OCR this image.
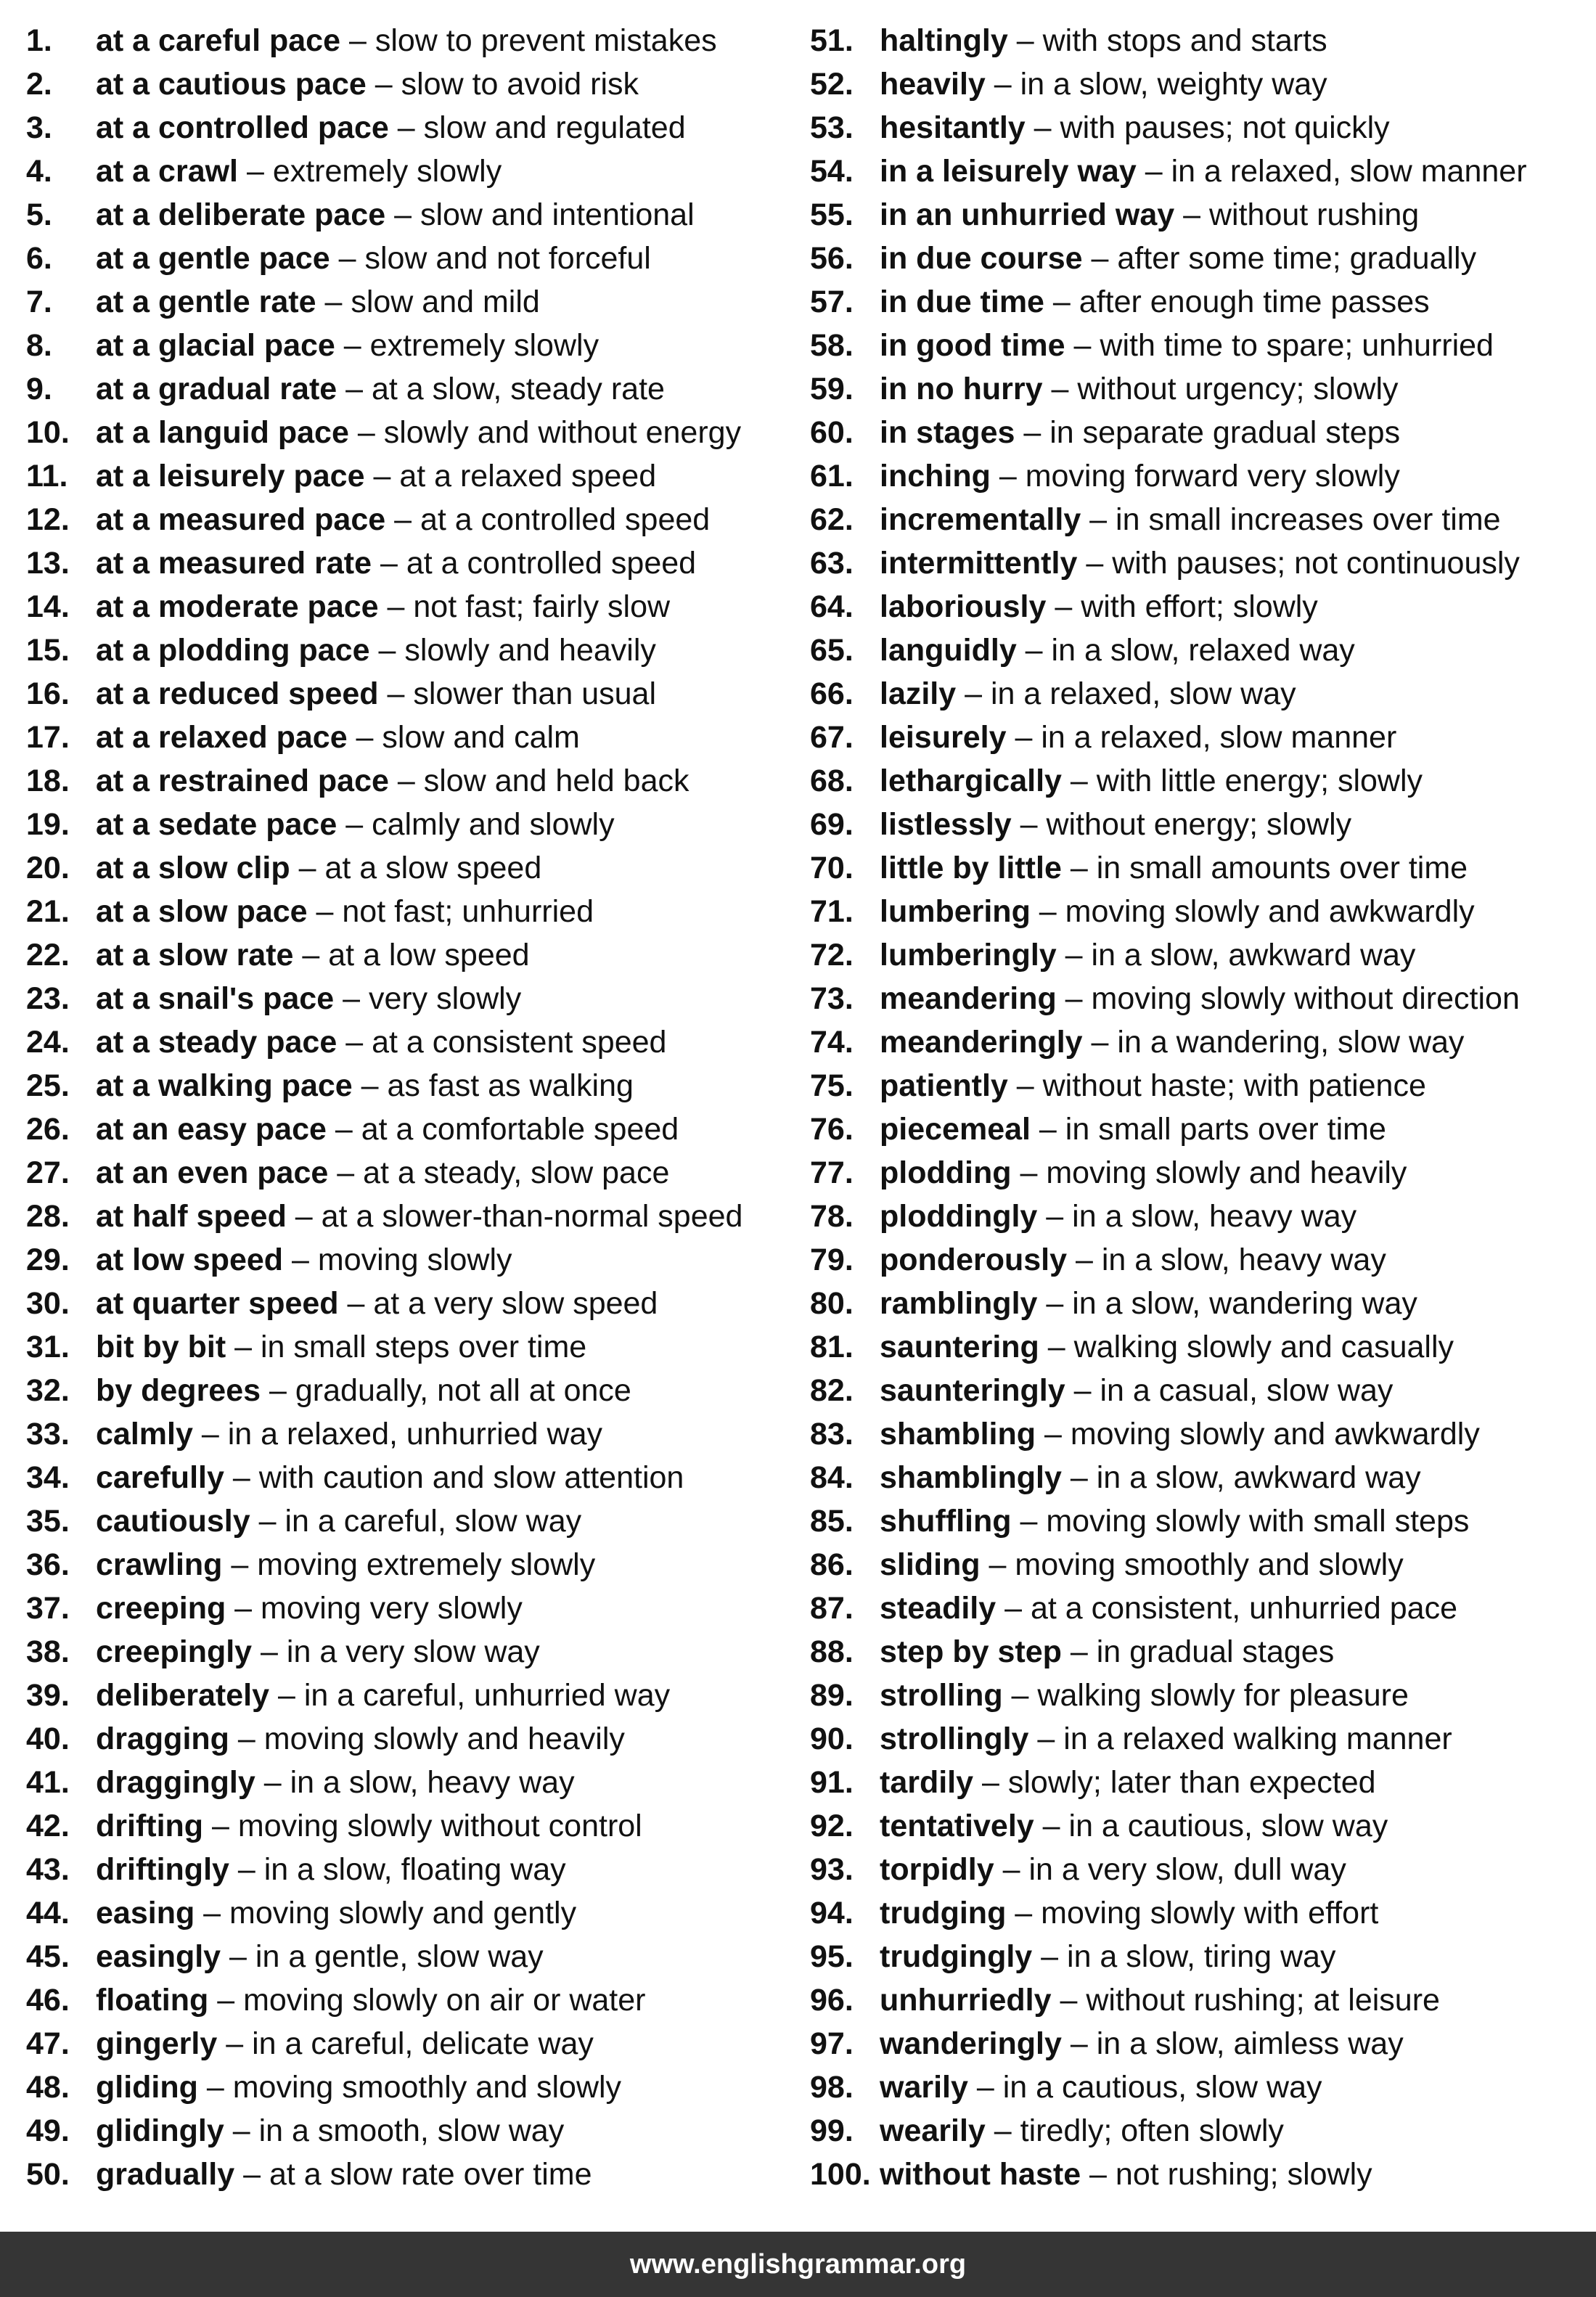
1. at a careful pace – slow to prevent mistakes
2. at a cautious pace – slow to avoid risk
3. at a controlled pace – slow and regulated
4. at a crawl – extremely slowly
5. at a deliberate pace – slow and intentional
6. at a gentle pace – slow and not forceful
7. at a gentle rate – slow and mild
8. at a glacial pace – extremely slowly
9. at a gradual rate – at a slow, steady rate
10. at a languid pace – slowly and without energy
11. at a leisurely pace – at a relaxed speed
12. at a measured pace – at a controlled speed
13. at a measured rate – at a controlled speed
14. at a moderate pace – not fast; fairly slow
15. at a plodding pace – slowly and heavily
16. at a reduced speed – slower than usual
17. at a relaxed pace – slow and calm
18. at a restrained pace – slow and held back
19. at a sedate pace – calmly and slowly
20. at a slow clip – at a slow speed
21. at a slow pace – not fast; unhurried
22. at a slow rate – at a low speed
23. at a snail's pace – very slowly
24. at a steady pace – at a consistent speed
25. at a walking pace – as fast as walking
26. at an easy pace – at a comfortable speed
27. at an even pace – at a steady, slow pace
28. at half speed – at a slower-than-normal speed
29. at low speed – moving slowly
30. at quarter speed – at a very slow speed
31. bit by bit – in small steps over time
32. by degrees – gradually, not all at once
33. calmly – in a relaxed, unhurried way
34. carefully – with caution and slow attention
35. cautiously – in a careful, slow way
36. crawling – moving extremely slowly
37. creeping – moving very slowly
38. creepingly – in a very slow way
39. deliberately – in a careful, unhurried way
40. dragging – moving slowly and heavily
41. draggingly – in a slow, heavy way
42. drifting – moving slowly without control
43. driftingly – in a slow, floating way
44. easing – moving slowly and gently
45. easingly – in a gentle, slow way
46. floating – moving slowly on air or water
47. gingerly – in a careful, delicate way
48. gliding – moving smoothly and slowly
49. glidingly – in a smooth, slow way
50. gradually – at a slow rate over time
51. haltingly – with stops and starts
52. heavily – in a slow, weighty way
53. hesitantly – with pauses; not quickly
54. in a leisurely way – in a relaxed, slow manner
55. in an unhurried way – without rushing
56. in due course – after some time; gradually
57. in due time – after enough time passes
58. in good time – with time to spare; unhurried
59. in no hurry – without urgency; slowly
60. in stages – in separate gradual steps
61. inching – moving forward very slowly
62. incrementally – in small increases over time
63. intermittently – with pauses; not continuously
64. laboriously – with effort; slowly
65. languidly – in a slow, relaxed way
66. lazily – in a relaxed, slow way
67. leisurely – in a relaxed, slow manner
68. lethargically – with little energy; slowly
69. listlessly – without energy; slowly
70. little by little – in small amounts over time
71. lumbering – moving slowly and awkwardly
72. lumberingly – in a slow, awkward way
73. meandering – moving slowly without direction
74. meanderingly – in a wandering, slow way
75. patiently – without haste; with patience
76. piecemeal – in small parts over time
77. plodding – moving slowly and heavily
78. ploddingly – in a slow, heavy way
79. ponderously – in a slow, heavy way
80. ramblingly – in a slow, wandering way
81. sauntering – walking slowly and casually
82. saunteringly – in a casual, slow way
83. shambling – moving slowly and awkwardly
84. shamblingly – in a slow, awkward way
85. shuffling – moving slowly with small steps
86. sliding – moving smoothly and slowly
87. steadily – at a consistent, unhurried pace
88. step by step – in gradual stages
89. strolling – walking slowly for pleasure
90. strollingly – in a relaxed walking manner
91. tardily – slowly; later than expected
92. tentatively – in a cautious, slow way
93. torpidly – in a very slow, dull way
94. trudging – moving slowly with effort
95. trudgingly – in a slow, tiring way
96. unhurriedly – without rushing; at leisure
97. wanderingly – in a slow, aimless way
98. warily – in a cautious, slow way
99. wearily – tiredly; often slowly
100. without haste – not rushing; slowly
www.englishgrammar.org
